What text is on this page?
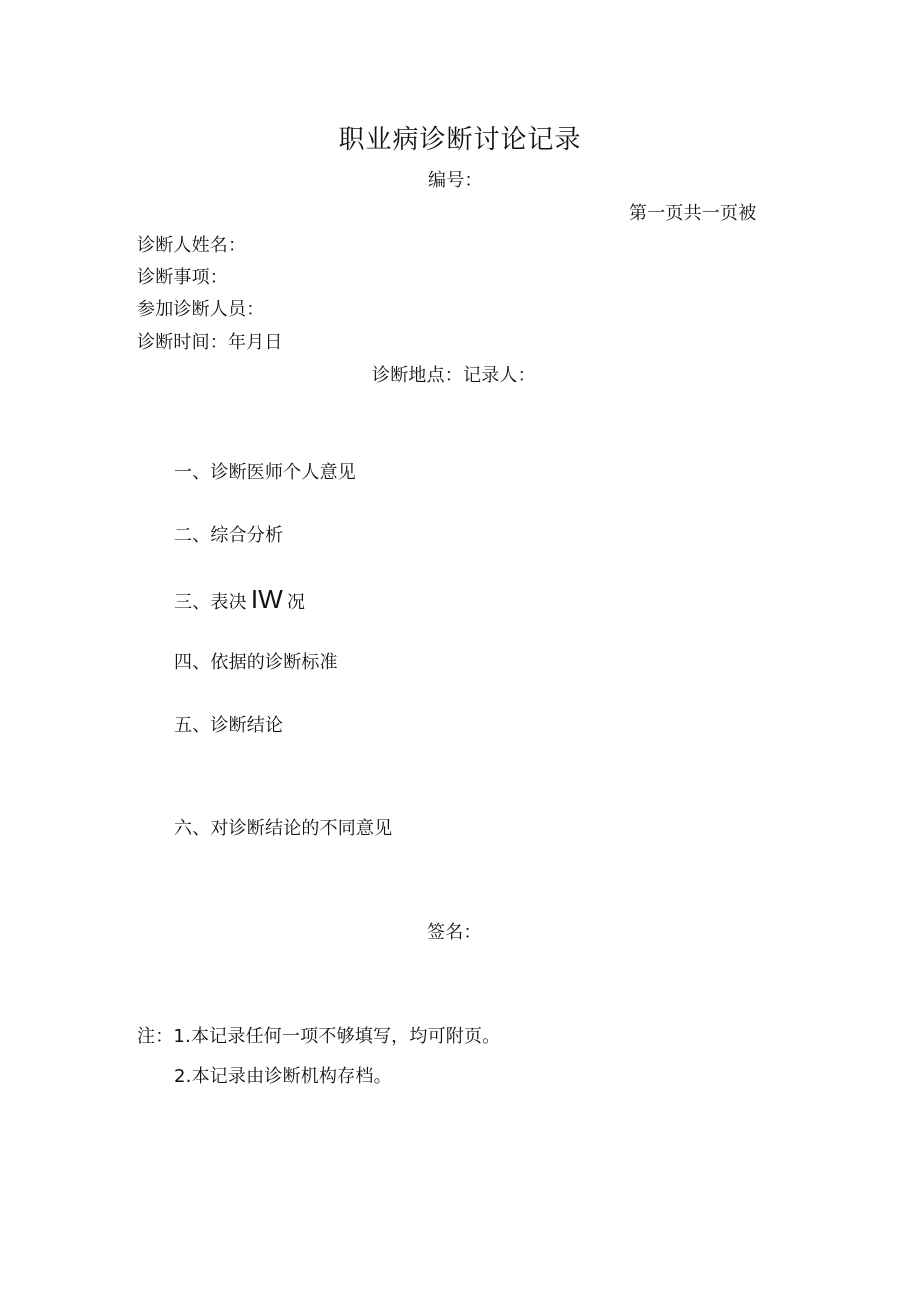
职业病诊断讨论记录
编号：
第一页共一页被
诊断人姓名：
诊断事项：
参加诊断人员：
诊断时间：年月日
诊断地点：记录人：
一、诊断医师个人意见
二、综合分析
三、表决 IW 况
四、依据的诊断标准
五、诊断结论
六、对诊断结论的不同意见
签名：
注：1.本记录任何一项不够填写，均可附页。
2.本记录由诊断机构存档。
